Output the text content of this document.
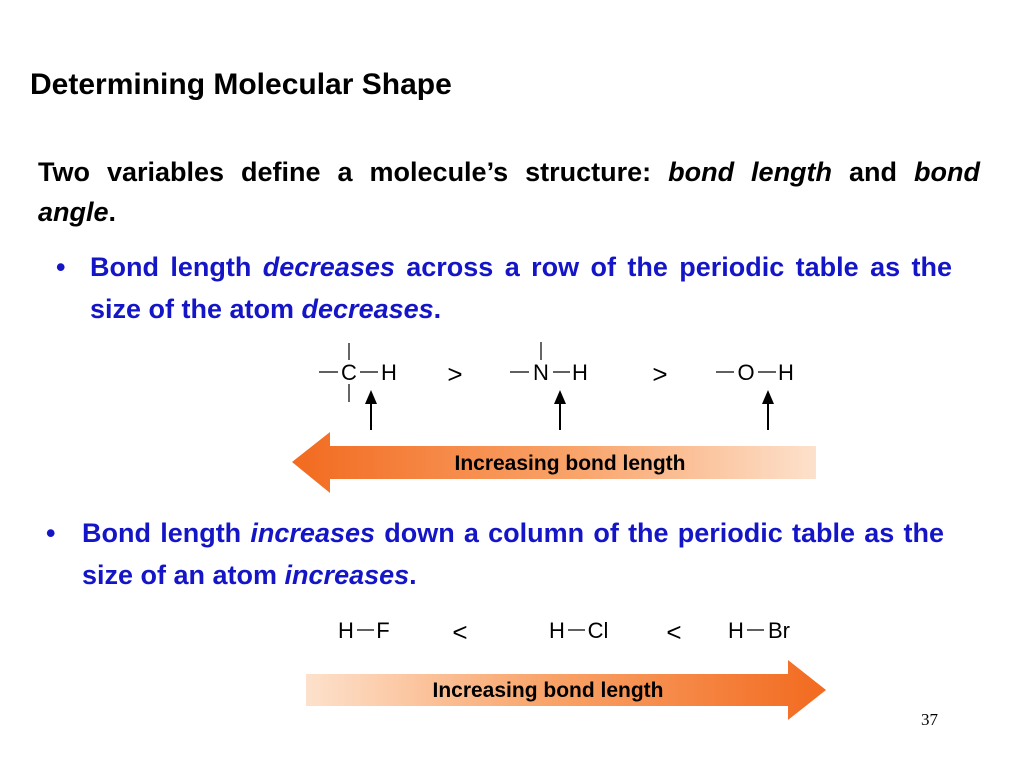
Determining Molecular Shape
Two variables define a molecule’s structure: bond length and bond angle.
• Bond length decreases across a row of the periodic table as the size of the atom decreases.
C H >	N H >	O H
Increasing bond length
• Bond length increases down a column of the periodic table as the size of an atom increases.
H F <	H Cl < H Br
Increasing bond length
37
